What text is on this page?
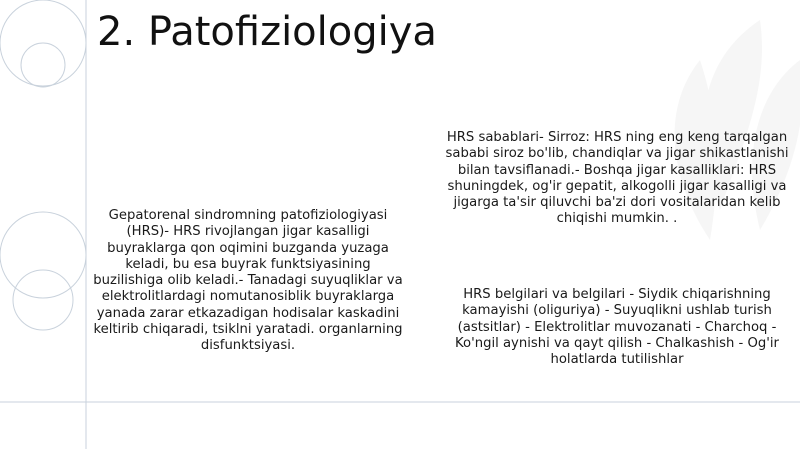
2. Patofiziologiya

Gepatorenal sindromning patofiziologiyasi (HRS)- HRS rivojlangan jigar kasalligi buyraklarga qon oqimini buzganda yuzaga keladi, bu esa buyrak funktsiyasining buzilishiga olib keladi.- Tanadagi suyuqliklar va elektrolitlardagi nomutanosiblik buyraklarga yanada zarar etkazadigan hodisalar kaskadini keltirib chiqaradi, tsiklni yaratadi. organlarning disfunktsiyasi.

HRS sabablari- Sirroz: HRS ning eng keng tarqalgan sababi siroz bo'lib, chandiqlar va jigar shikastlanishi bilan tavsiflanadi.- Boshqa jigar kasalliklari: HRS shuningdek, og'ir gepatit, alkogolli jigar kasalligi va jigarga ta'sir qiluvchi ba'zi dori vositalaridan kelib chiqishi mumkin. .

HRS belgilari va belgilari - Siydik chiqarishning kamayishi (oliguriya) - Suyuqlikni ushlab turish (astsitlar) - Elektrolitlar muvozanati - Charchoq - Ko'ngil aynishi va qayt qilish - Chalkashish - Og'ir holatlarda tutilishlar
